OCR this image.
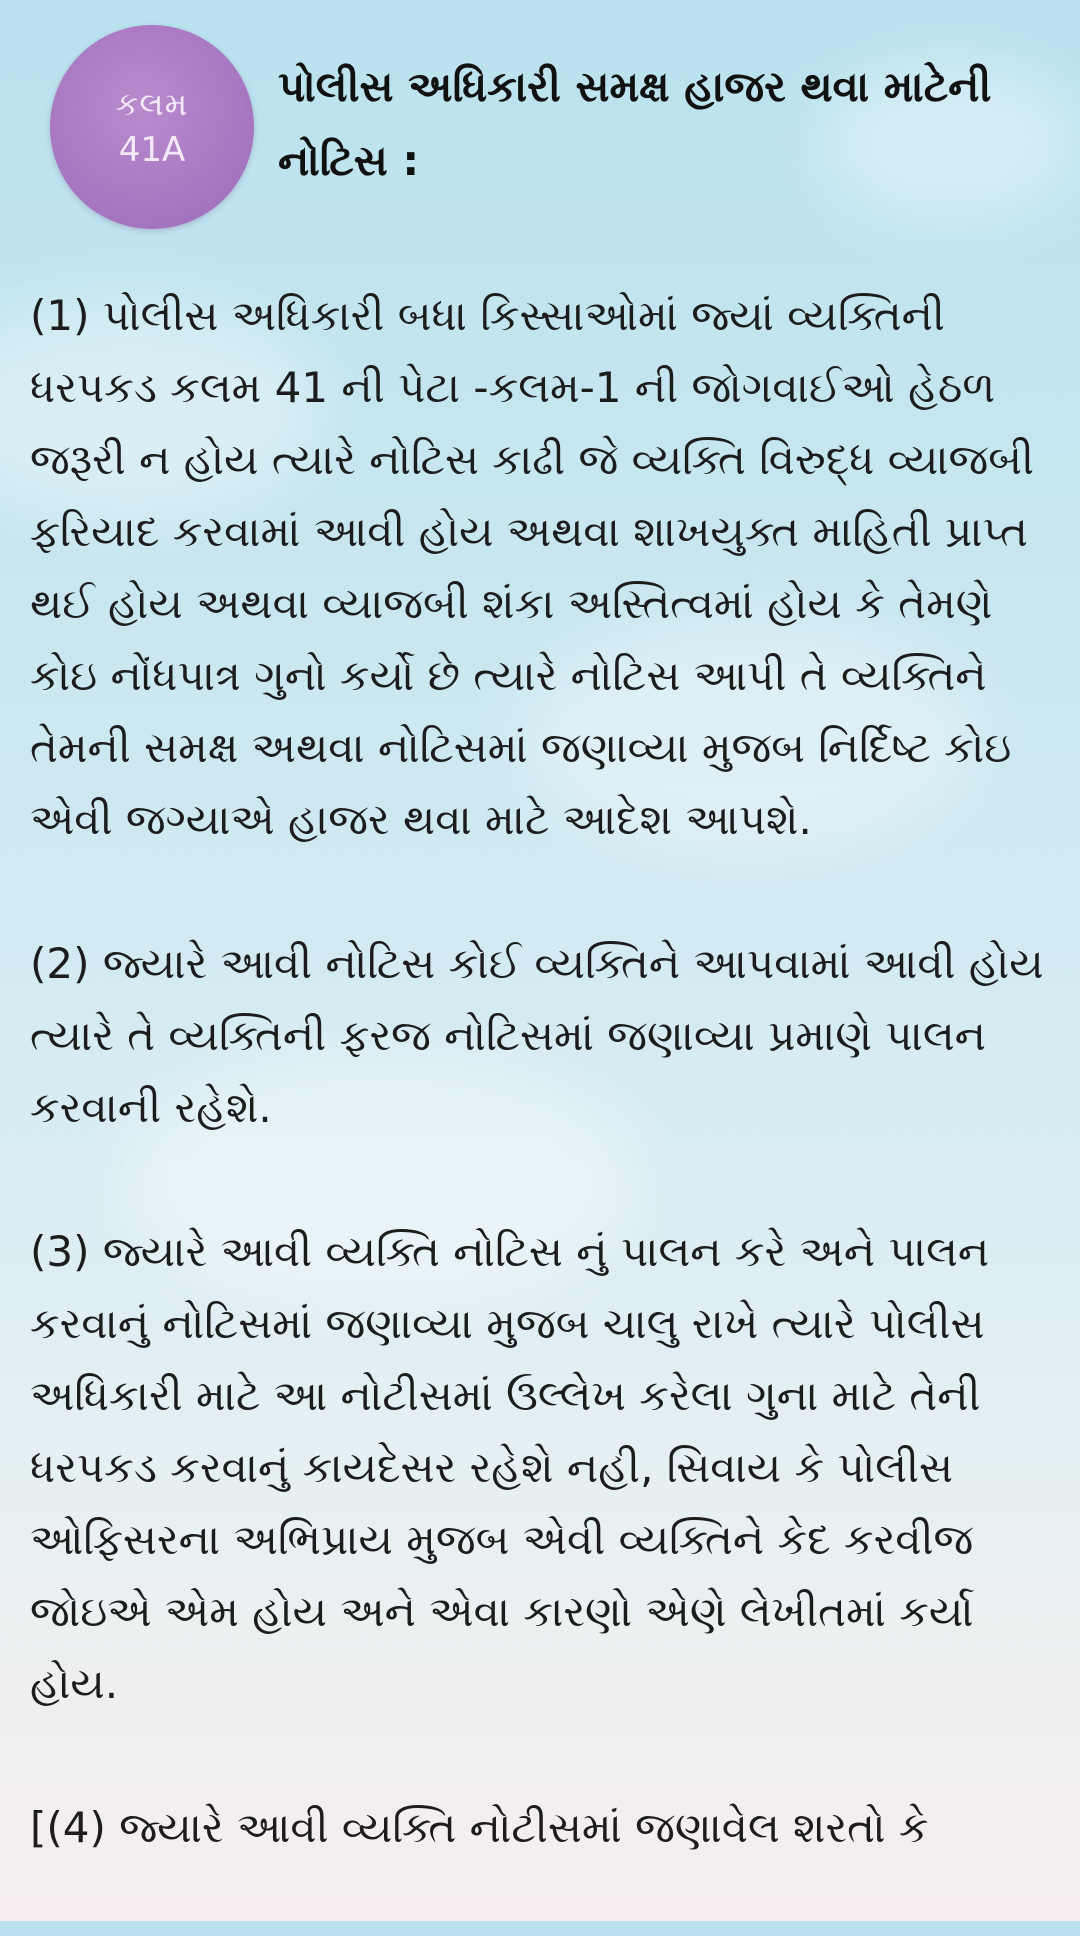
કલમ
41A
પોલીસ અધિકારી સમક્ષ હાજર થવા માટેની નોટિસ :

(1) પોલીસ અધિકારી બધા કિસ્સાઓમાં જ્યાં વ્યક્તિની ધરપકડ કલમ 41 ની પેટા -કલમ-1 ની જોગવાઈઓ હેઠળ જરૂરી ન હોય ત્યારે નોટિસ કાઢી જે વ્યક્તિ વિરુદ્ધ વ્યાજબી ફરિયાદ કરવામાં આવી હોય અથવા શાખયુક્ત માહિતી પ્રાપ્ત થઈ હોય અથવા વ્યાજબી શંકા અસ્તિત્વમાં હોય કે તેમણે કોઇ નોંધપાત્ર ગુનો કર્યો છે ત્યારે નોટિસ આપી તે વ્યક્તિને તેમની સમક્ષ અથવા નોટિસમાં જણાવ્યા મુજબ નિર્દિષ્ટ કોઇ એવી જગ્યાએ હાજર થવા માટે આદેશ આપશે.

(2) જ્યારે આવી નોટિસ કોઈ વ્યક્તિને આપવામાં આવી હોય ત્યારે તે વ્યક્તિની ફરજ નોટિસમાં જણાવ્યા પ્રમાણે પાલન કરવાની રહેશે.

(3) જ્યારે આવી વ્યક્તિ નોટિસ નું પાલન કરે અને પાલન કરવાનું નોટિસમાં જણાવ્યા મુજબ ચાલુ રાખે ત્યારે પોલીસ અધિકારી માટે આ નોટીસમાં ઉલ્લેખ કરેલા ગુના માટે તેની ધરપકડ કરવાનું કાયદેસર રહેશે નહી, સિવાય કે પોલીસ ઓફિસરના અભિપ્રાય મુજબ એવી વ્યક્તિને કેદ કરવીજ જોઇએ એમ હોય અને એવા કારણો એણે લેખીતમાં કર્યા હોય.

[(4) જ્યારે આવી વ્યક્તિ નોટીસમાં જણાવેલ શરતો કે
